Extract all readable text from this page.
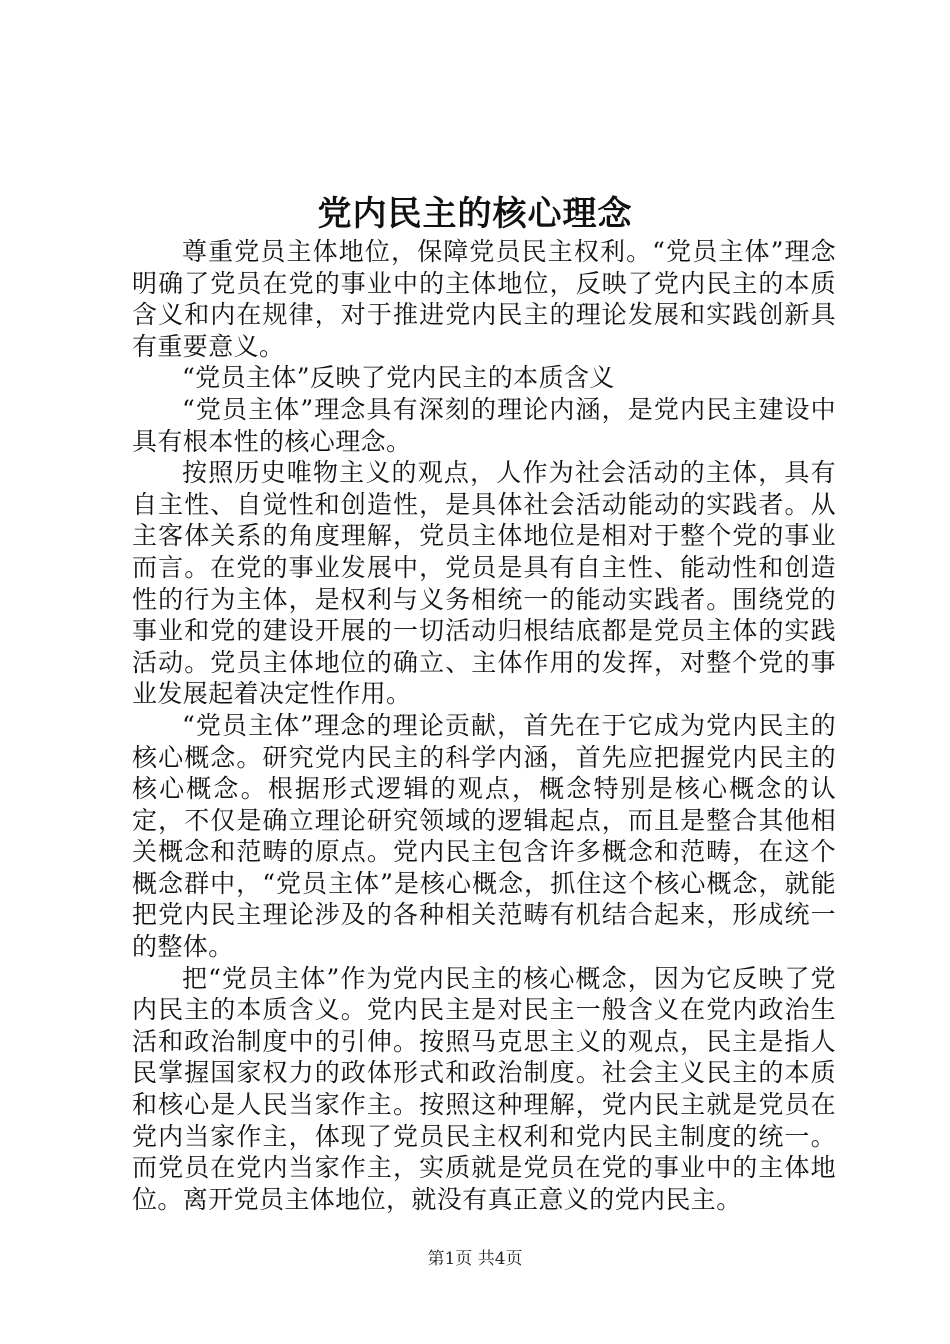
党内民主的核心理念

尊重党员主体地位，保障党员民主权利。“党员主体”理念明确了党员在党的事业中的主体地位，反映了党内民主的本质含义和内在规律，对于推进党内民主的理论发展和实践创新具有重要意义。

“党员主体”反映了党内民主的本质含义

“党员主体”理念具有深刻的理论内涵，是党内民主建设中具有根本性的核心理念。

按照历史唯物主义的观点，人作为社会活动的主体，具有自主性、自觉性和创造性，是具体社会活动能动的实践者。从主客体关系的角度理解，党员主体地位是相对于整个党的事业而言。在党的事业发展中，党员是具有自主性、能动性和创造性的行为主体，是权利与义务相统一的能动实践者。围绕党的事业和党的建设开展的一切活动归根结底都是党员主体的实践活动。党员主体地位的确立、主体作用的发挥，对整个党的事业发展起着决定性作用。

“党员主体”理念的理论贡献，首先在于它成为党内民主的核心概念。研究党内民主的科学内涵，首先应把握党内民主的核心概念。根据形式逻辑的观点，概念特别是核心概念的认定，不仅是确立理论研究领域的逻辑起点，而且是整合其他相关概念和范畴的原点。党内民主包含许多概念和范畴，在这个概念群中，“党员主体”是核心概念，抓住这个核心概念，就能把党内民主理论涉及的各种相关范畴有机结合起来，形成统一的整体。

把“党员主体”作为党内民主的核心概念，因为它反映了党内民主的本质含义。党内民主是对民主一般含义在党内政治生活和政治制度中的引伸。按照马克思主义的观点，民主是指人民掌握国家权力的政体形式和政治制度。社会主义民主的本质和核心是人民当家作主。按照这种理解，党内民主就是党员在党内当家作主，体现了党员民主权利和党内民主制度的统一。而党员在党内当家作主，实质就是党员在党的事业中的主体地位。离开党员主体地位，就没有真正意义的党内民主。

第1页 共4页
